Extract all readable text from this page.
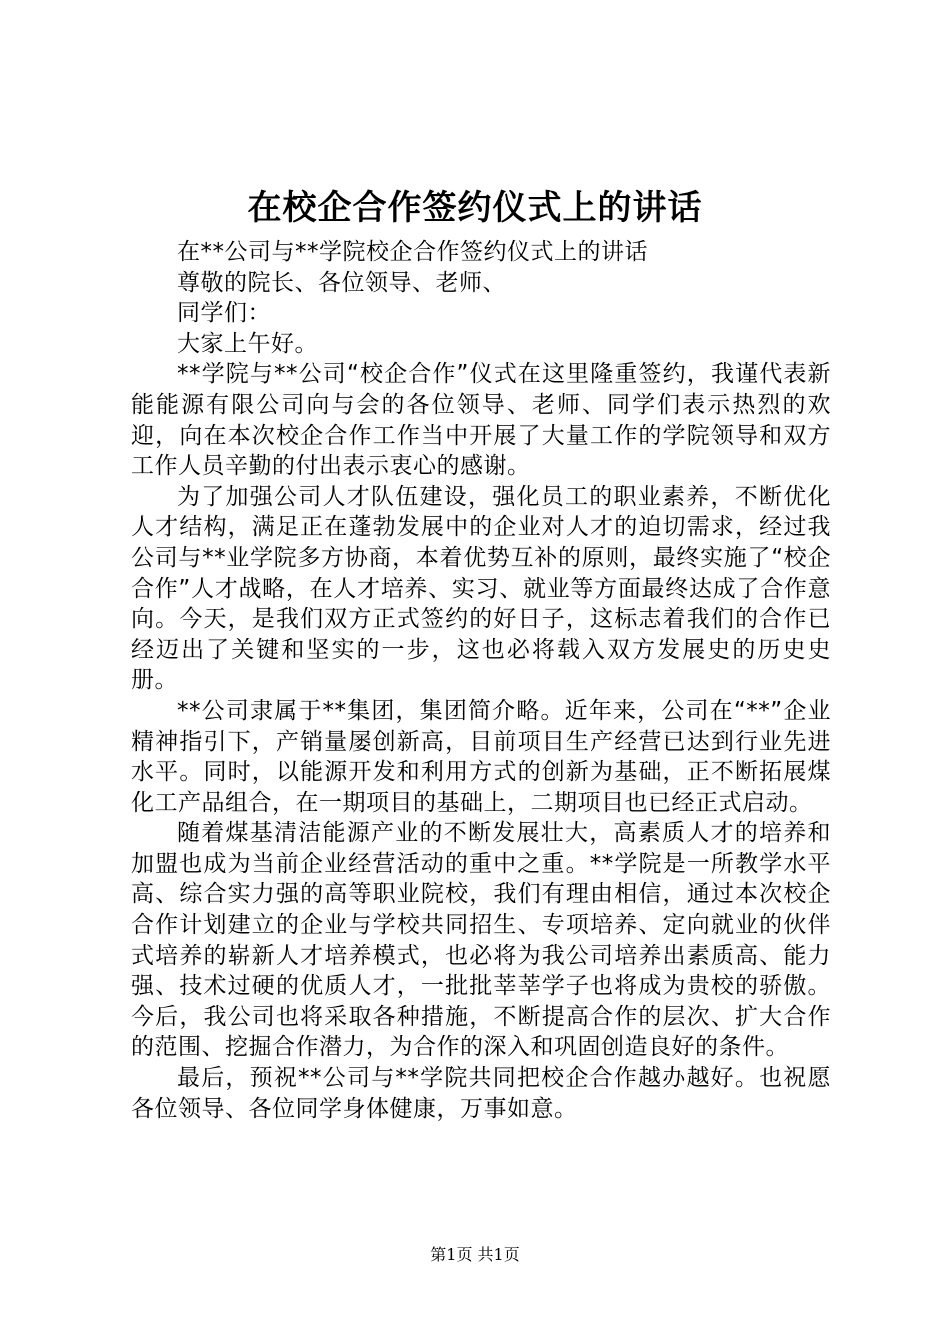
在校企合作签约仪式上的讲话

在**公司与**学院校企合作签约仪式上的讲话

尊敬的院长、各位领导、老师、

同学们：

大家上午好。

**学院与**公司“校企合作”仪式在这里隆重签约，我谨代表新能能源有限公司向与会的各位领导、老师、同学们表示热烈的欢迎，向在本次校企合作工作当中开展了大量工作的学院领导和双方工作人员辛勤的付出表示衷心的感谢。

为了加强公司人才队伍建设，强化员工的职业素养，不断优化人才结构，满足正在蓬勃发展中的企业对人才的迫切需求，经过我公司与**业学院多方协商，本着优势互补的原则，最终实施了“校企合作”人才战略，在人才培养、实习、就业等方面最终达成了合作意向。今天，是我们双方正式签约的好日子，这标志着我们的合作已经迈出了关键和坚实的一步，这也必将载入双方发展史的历史史册。

**公司隶属于**集团，集团简介略。近年来，公司在“**”企业精神指引下，产销量屡创新高，目前项目生产经营已达到行业先进水平。同时，以能源开发和利用方式的创新为基础，正不断拓展煤化工产品组合，在一期项目的基础上，二期项目也已经正式启动。

随着煤基清洁能源产业的不断发展壮大，高素质人才的培养和加盟也成为当前企业经营活动的重中之重。**学院是一所教学水平高、综合实力强的高等职业院校，我们有理由相信，通过本次校企合作计划建立的企业与学校共同招生、专项培养、定向就业的伙伴式培养的崭新人才培养模式，也必将为我公司培养出素质高、能力强、技术过硬的优质人才，一批批莘莘学子也将成为贵校的骄傲。今后，我公司也将采取各种措施，不断提高合作的层次、扩大合作的范围、挖掘合作潜力，为合作的深入和巩固创造良好的条件。

最后，预祝**公司与**学院共同把校企合作越办越好。也祝愿各位领导、各位同学身体健康，万事如意。

第1页 共1页
